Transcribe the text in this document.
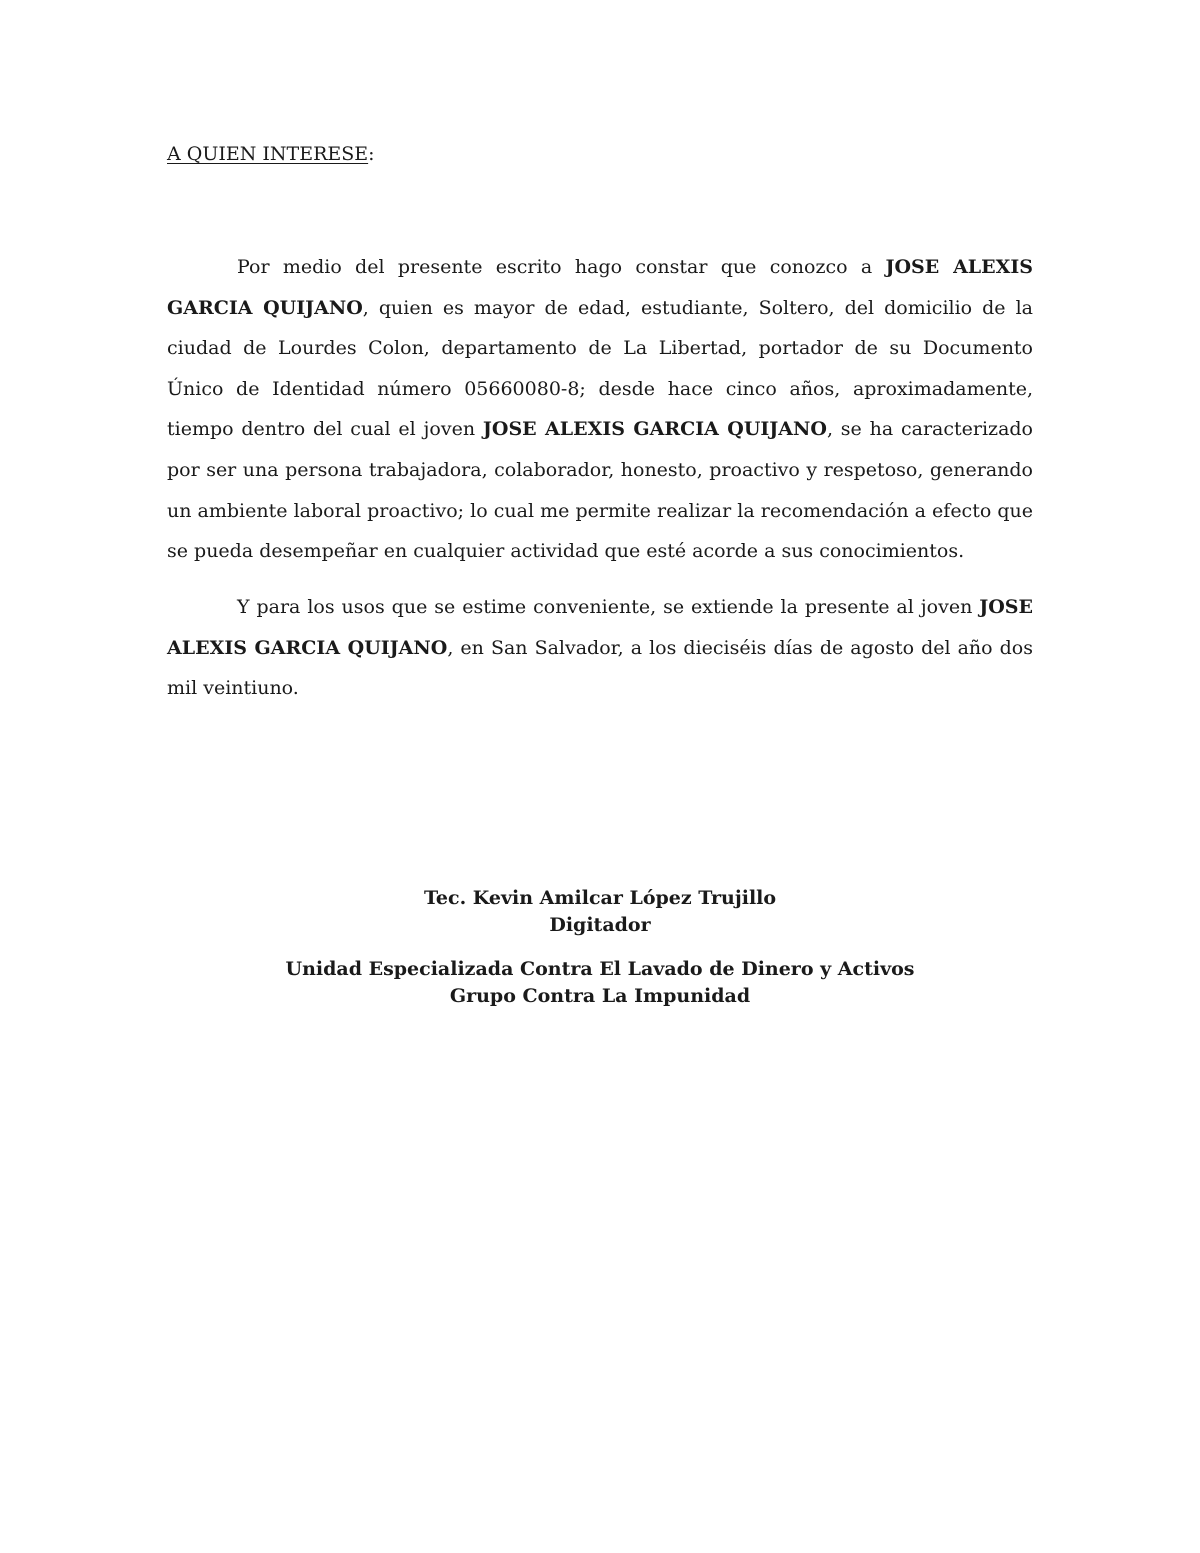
A QUIEN INTERESE:

Por medio del presente escrito hago constar que conozco a JOSE ALEXIS GARCIA QUIJANO, quien es mayor de edad, estudiante, Soltero, del domicilio de la ciudad de Lourdes Colon, departamento de La Libertad, portador de su Documento Único de Identidad número 05660080-8; desde hace cinco años, aproximadamente, tiempo dentro del cual el joven JOSE ALEXIS GARCIA QUIJANO, se ha caracterizado por ser una persona trabajadora, colaborador, honesto, proactivo y respetoso, generando un ambiente laboral proactivo; lo cual me permite realizar la recomendación a efecto que se pueda desempeñar en cualquier actividad que esté acorde a sus conocimientos.

Y para los usos que se estime conveniente, se extiende la presente al joven JOSE ALEXIS GARCIA QUIJANO, en San Salvador, a los dieciséis días de agosto del año dos mil veintiuno.

Tec. Kevin Amilcar López Trujillo
Digitador
Unidad Especializada Contra El Lavado de Dinero y Activos
Grupo Contra La Impunidad
